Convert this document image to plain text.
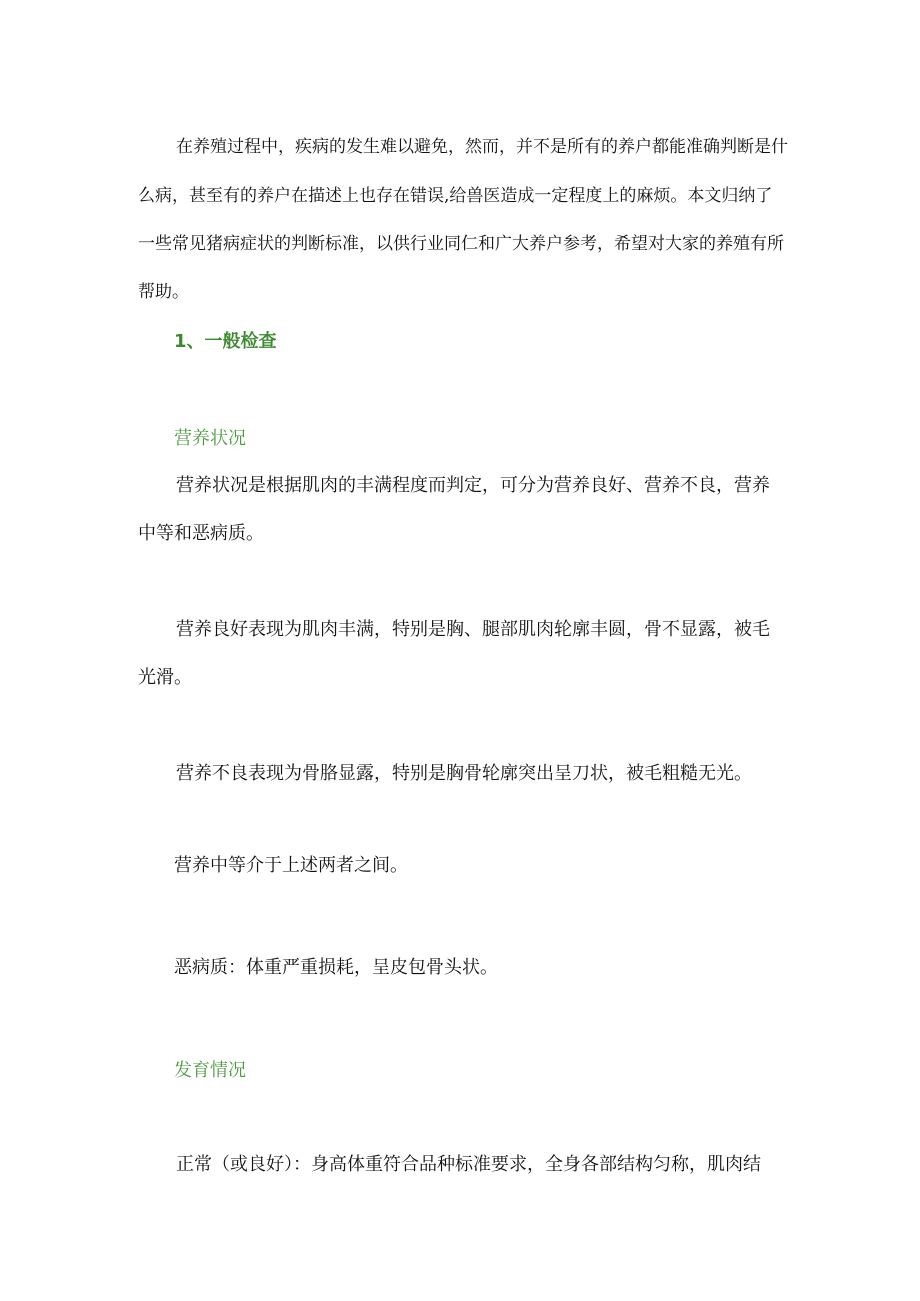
在养殖过程中，疾病的发生难以避免，然而，并不是所有的养户都能准确判断是什

么病，甚至有的养户在描述上也存在错误,给兽医造成一定程度上的麻烦。本文归纳了

一些常见猪病症状的判断标准，以供行业同仁和广大养户参考，希望对大家的养殖有所

帮助。

1、一般检查

营养状况

营养状况是根据肌肉的丰满程度而判定，可分为营养良好、营养不良，营养

中等和恶病质。

营养良好表现为肌肉丰满，特别是胸、腿部肌肉轮廓丰圆，骨不显露，被毛

光滑。

营养不良表现为骨胳显露，特别是胸骨轮廓突出呈刀状，被毛粗糙无光。

营养中等介于上述两者之间。

恶病质：体重严重损耗，呈皮包骨头状。

发育情况

正常（或良好）：身高体重符合品种标准要求，全身各部结构匀称，肌肉结
